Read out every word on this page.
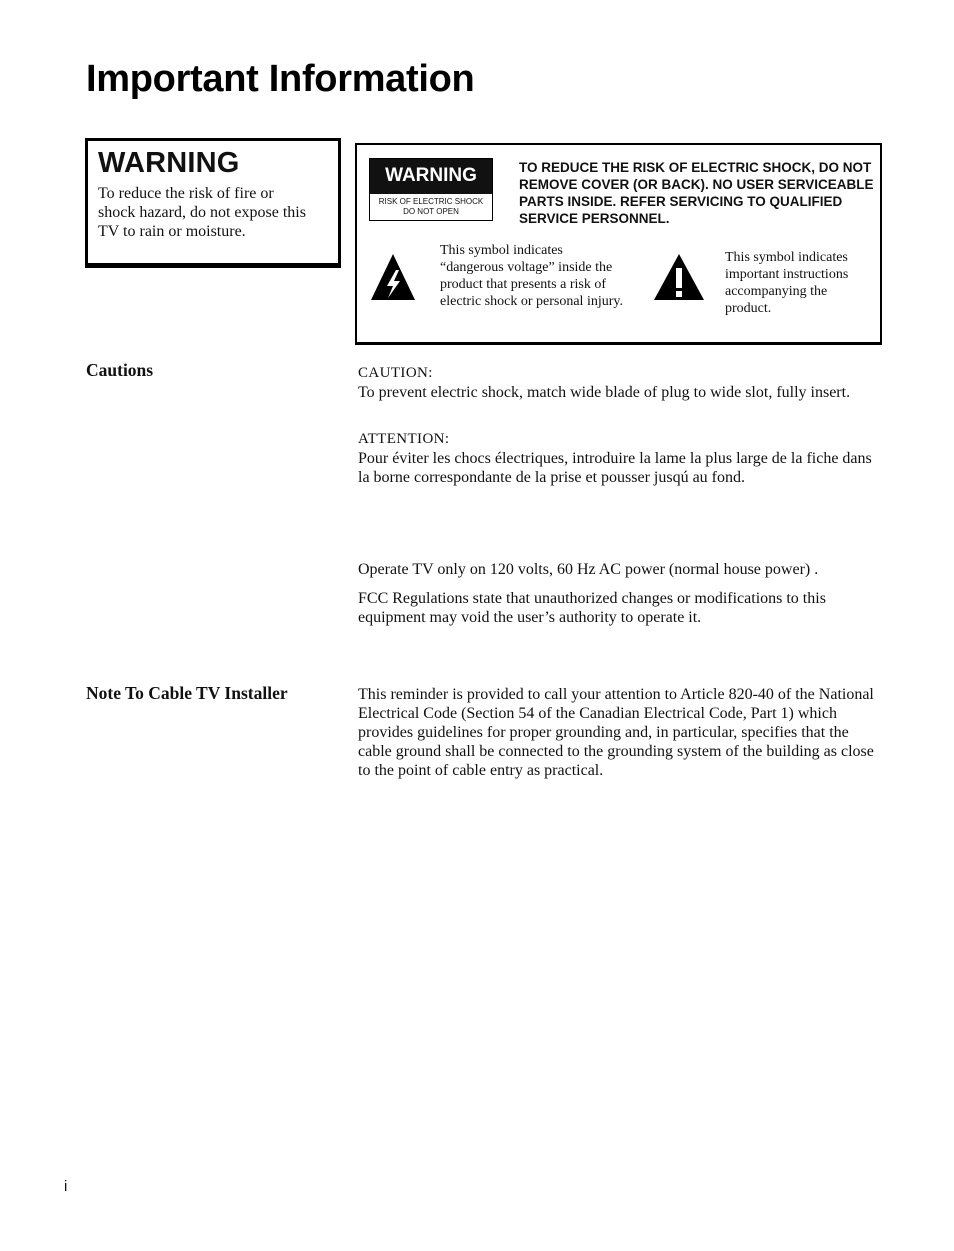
Important Information
WARNING
To reduce the risk of fire or shock hazard, do not expose this TV to rain or moisture.
WARNING
RISK OF ELECTRIC SHOCK
DO NOT OPEN
TO REDUCE THE RISK OF ELECTRIC SHOCK, DO NOT REMOVE COVER (OR BACK). NO USER SERVICEABLE PARTS INSIDE. REFER SERVICING TO QUALIFIED SERVICE PERSONNEL.
This symbol indicates “dangerous voltage” inside the product that presents a risk of electric shock or personal injury.
This symbol indicates important instructions accompanying the product.
Cautions	CAUTION:
To prevent electric shock, match wide blade of plug to wide slot, fully insert.
ATTENTION:
Pour éviter les chocs électriques, introduire la lame la plus large de la fiche dans la borne correspondante de la prise et pousser jusqú au fond.
Operate TV only on 120 volts, 60 Hz AC power (normal house power) .
FCC Regulations state that unauthorized changes or modifications to this equipment may void the user’s authority to operate it.
Note To Cable TV Installer	This reminder is provided to call your attention to Article 820-40 of the National Electrical Code (Section 54 of the Canadian Electrical Code, Part 1) which provides guidelines for proper grounding and, in particular, specifies that the cable ground shall be connected to the grounding system of the building as close to the point of cable entry as practical.
i
